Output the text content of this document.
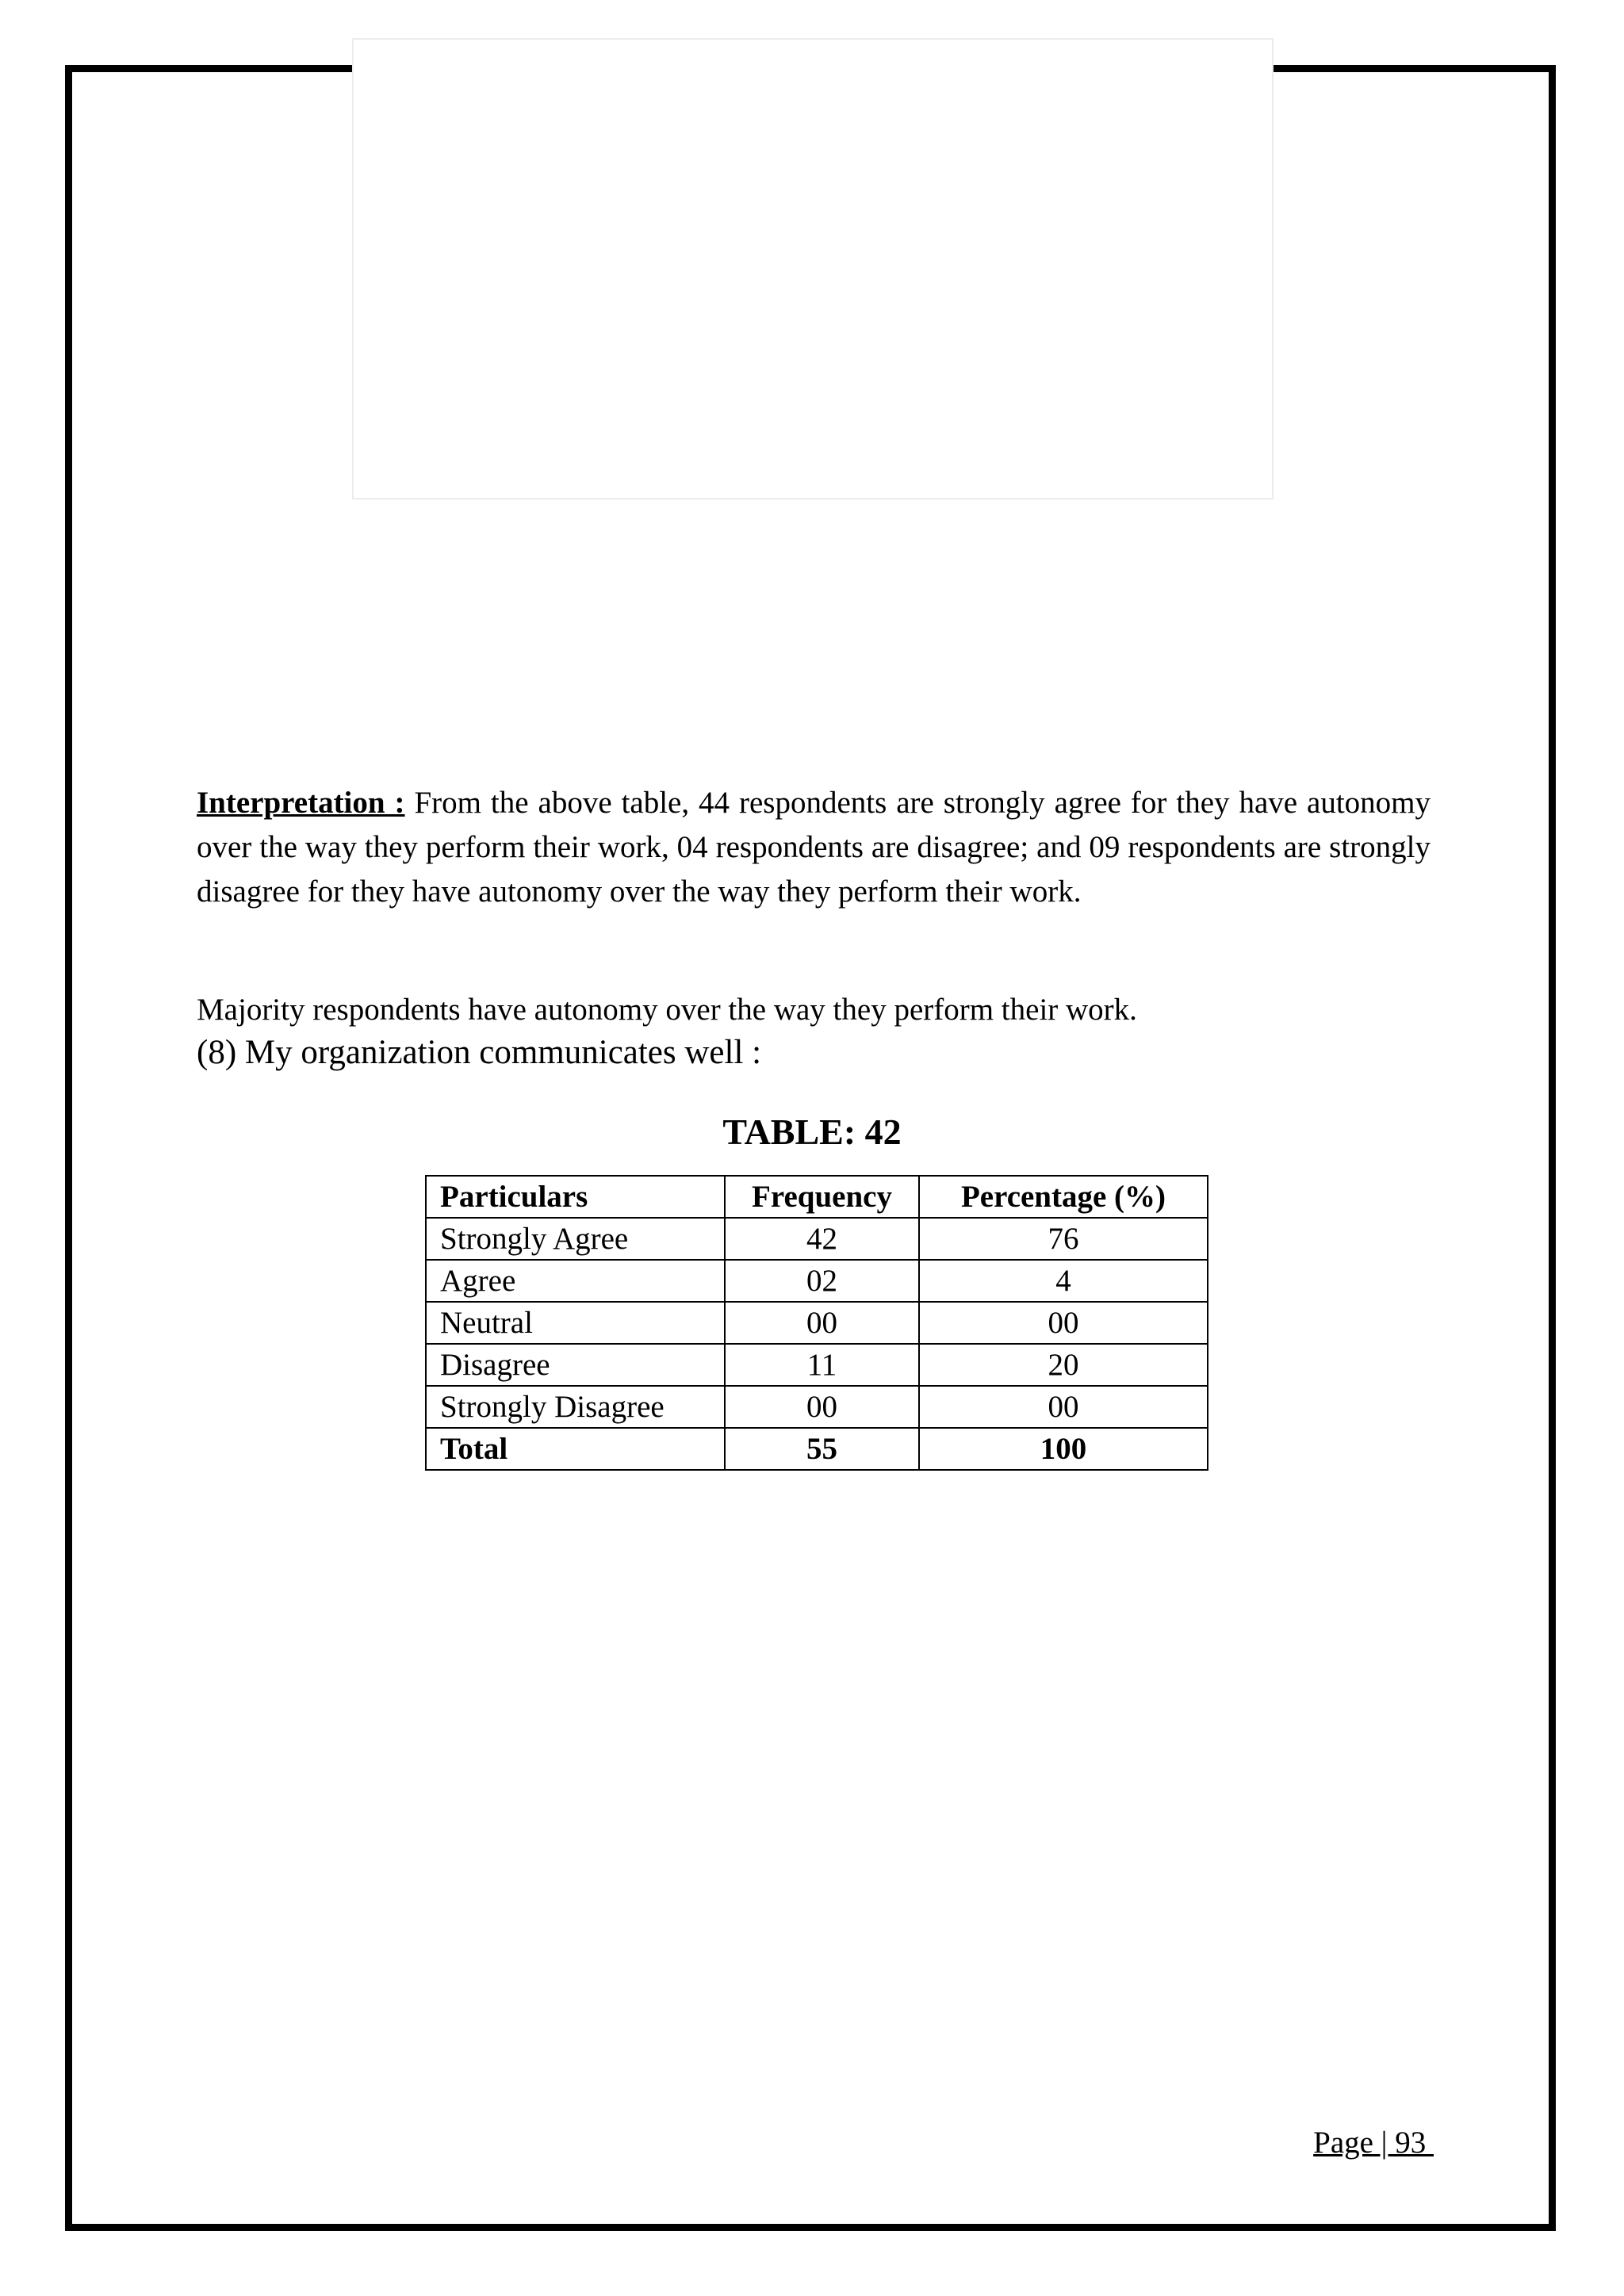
Interpretation : From the above table, 44 respondents are strongly agree for they have autonomy over the way they perform their work, 04 respondents are disagree; and 09 respondents are strongly disagree for they have autonomy over the way they perform their work.

Majority respondents have autonomy over the way they perform their work.

(8) My organization communicates well :
TABLE: 42
Particulars	Frequency	Percentage (%)
Strongly Agree	42	76
Agree	02	4
Neutral	00	00
Disagree	11	20
Strongly Disagree	00	00
Total	55	100
Page | 93
